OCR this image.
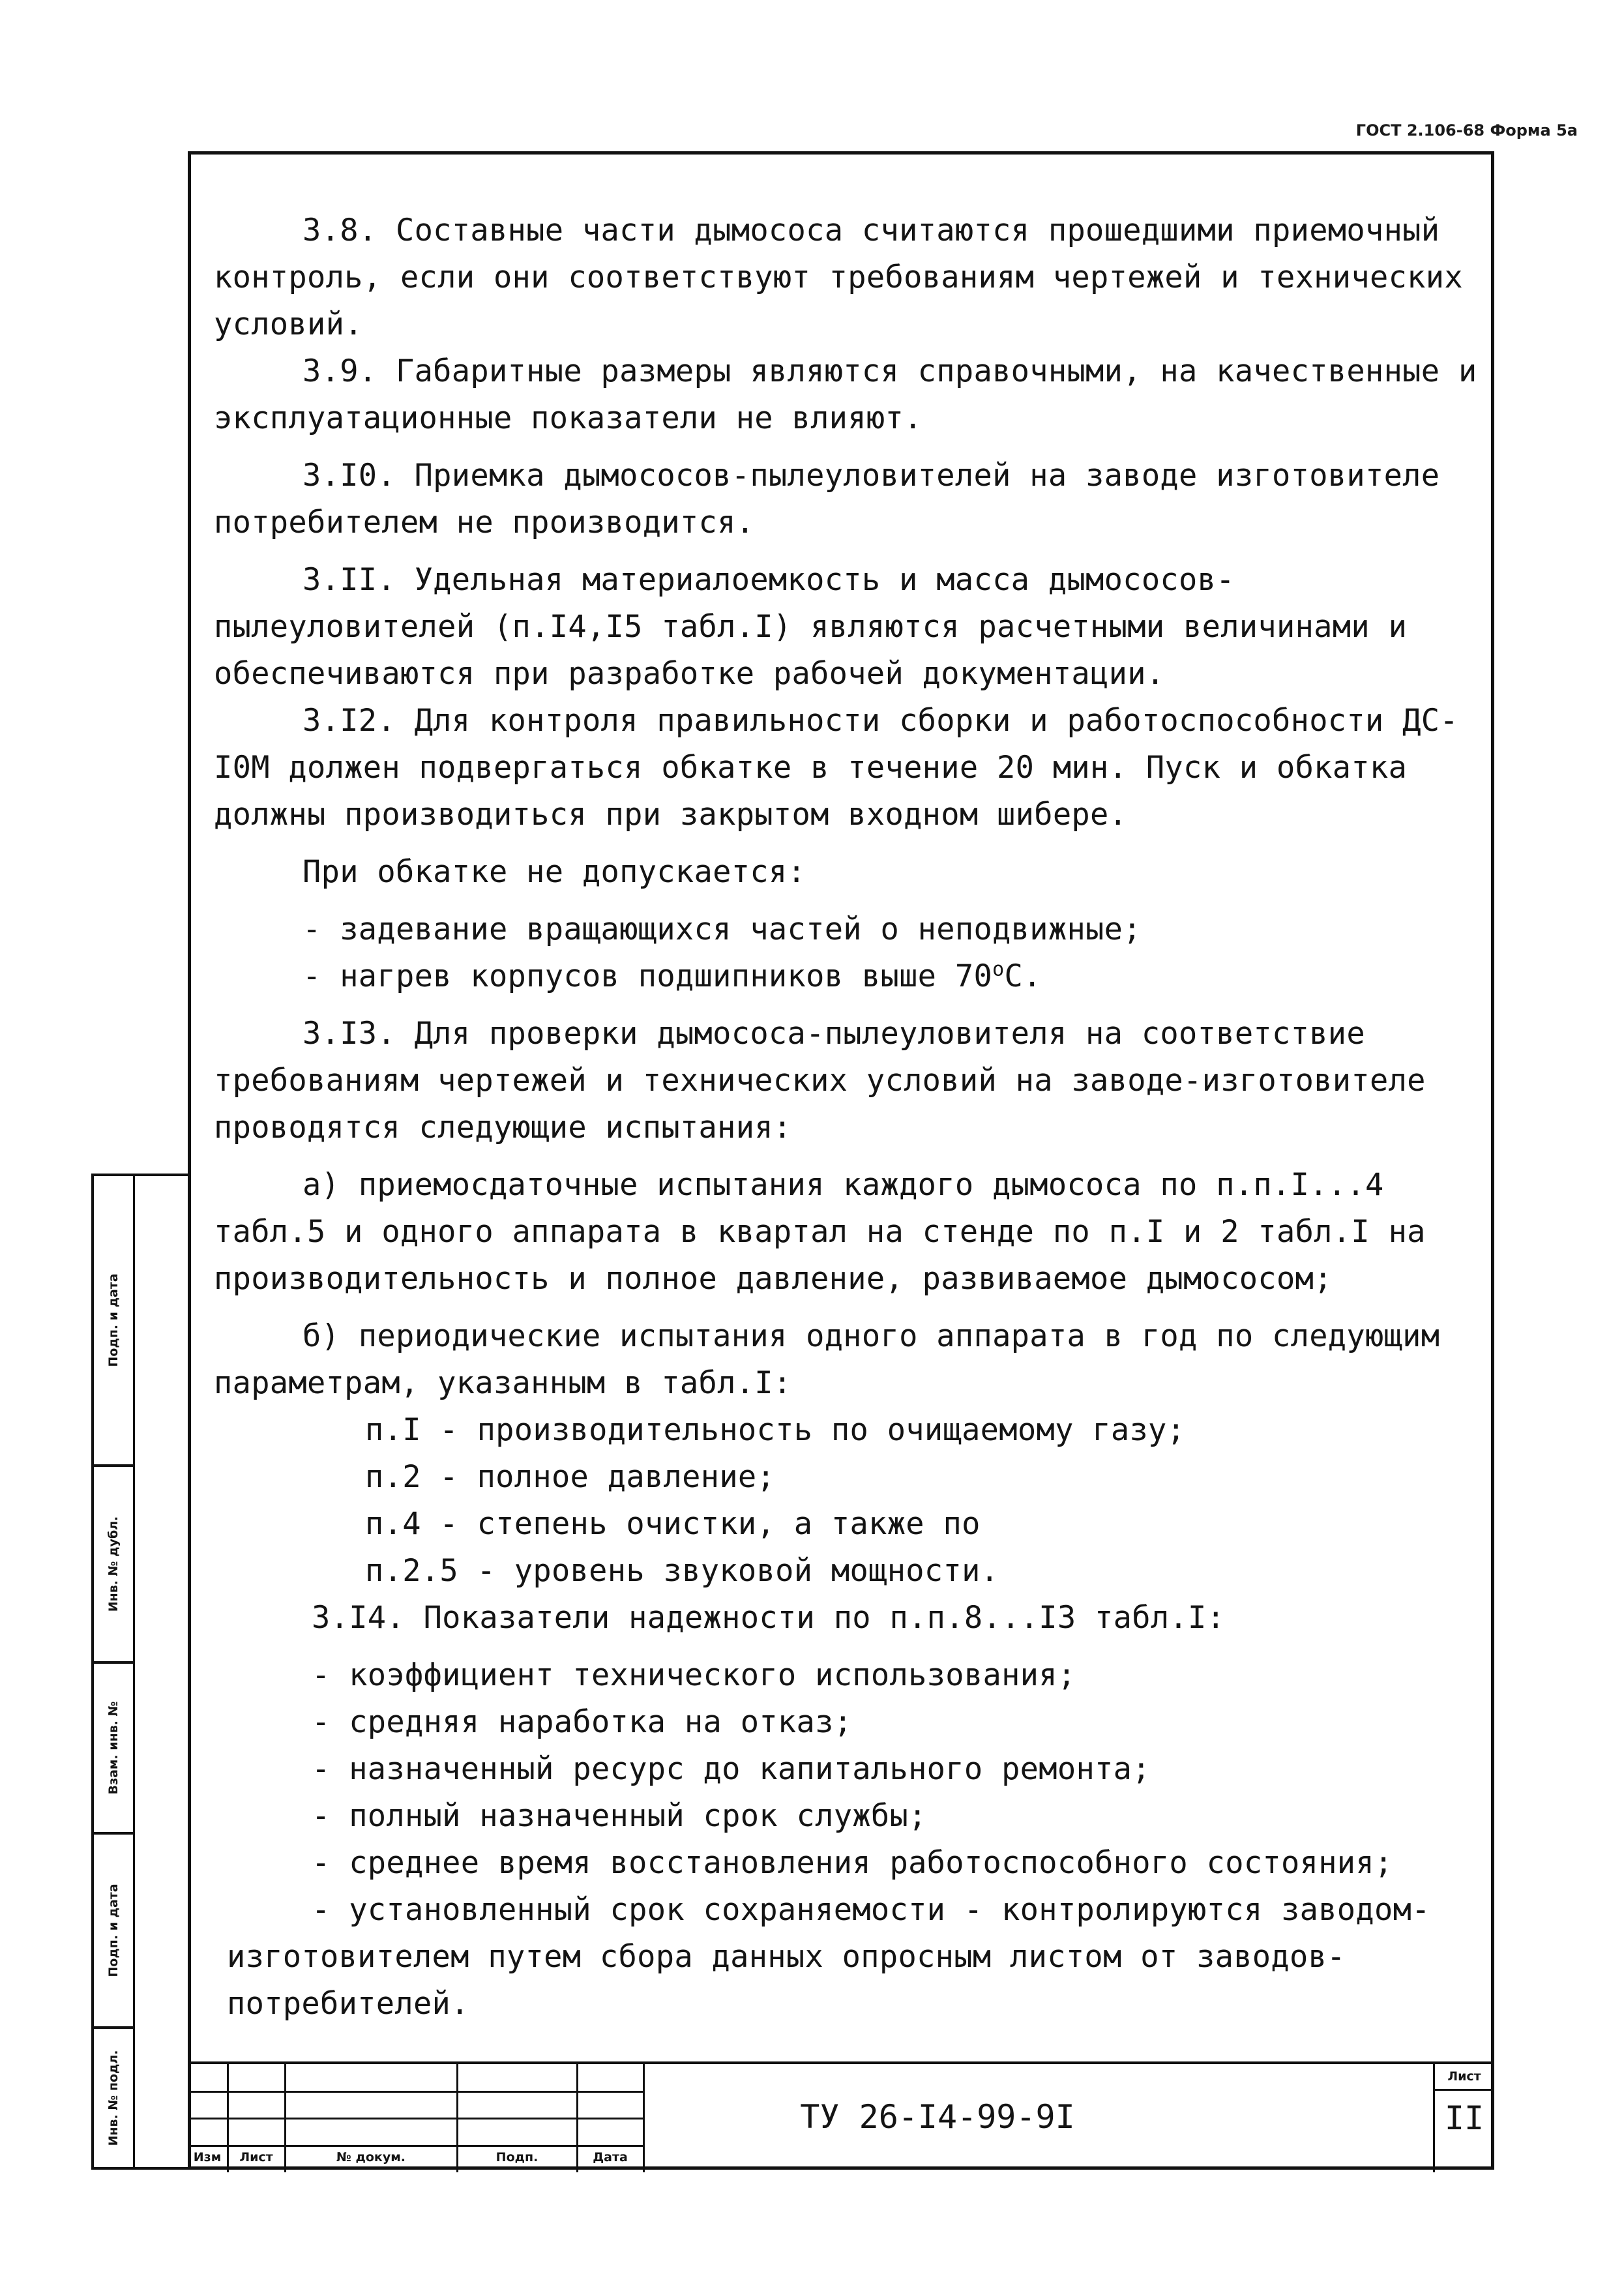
ГОСТ 2.106-68 Форма 5а
Подп. и дата
Инв. № дубл.
Взам. инв. №
Подп. и дата
Инв. № подл.

3.8. Составные части дымососа считаются прошедшими приемочный контроль, если они соответствуют требованиям чертежей и технических условий.

3.9. Габаритные размеры являются справочными, на качественные и эксплуатационные показатели не влияют.

3.I0. Приемка дымососов-пылеуловителей на заводе изготовителе потребителем не производится.

3.II. Удельная материалоемкость и масса дымососов-пылеуловителей (п.I4,I5 табл.I) являются расчетными величинами и обеспечиваются при разработке рабочей документации.

3.I2. Для контроля правильности сборки и работоспособности ДС-I0М должен подвергаться обкатке в течение 20 мин. Пуск и обкатка должны производиться при закрытом входном шибере.

При обкатке не допускается:

- задевание вращающихся частей о неподвижные;

- нагрев корпусов подшипников выше $70^оС$.

3.I3. Для проверки дымососа-пылеуловителя на соответствие требованиям чертежей и технических условий на заводе-изготовителе проводятся следующие испытания:

а) приемосдаточные испытания каждого дымососа по п.п.I...4 табл.5 и одного аппарата в квартал на стенде по п.I и 2 табл.I на производительность и полное давление, развиваемое дымососом;

б) периодические испытания одного аппарата в год по следующим параметрам, указанным в табл.I:

п.I - производительность по очищаемому газу;

п.2 - полное давление;

п.4 - степень очистки, а также по

п.2.5 - уровень звуковой мощности.

3.I4. Показатели надежности по п.п.8...I3 табл.I:

- коэффициент технического использования;

- средняя наработка на отказ;

- назначенный ресурс до капитального ремонта;

- полный назначенный срок службы;

- среднее время восстановления работоспособного состояния;

- установленный срок сохраняемости - контролируются заводом-изготовителем путем сбора данных опросным листом от заводов-потребителей.

Изм	Лист	№ докум.	Подп.	Дата
ТУ 26-I4-99-9I
Лист
II
